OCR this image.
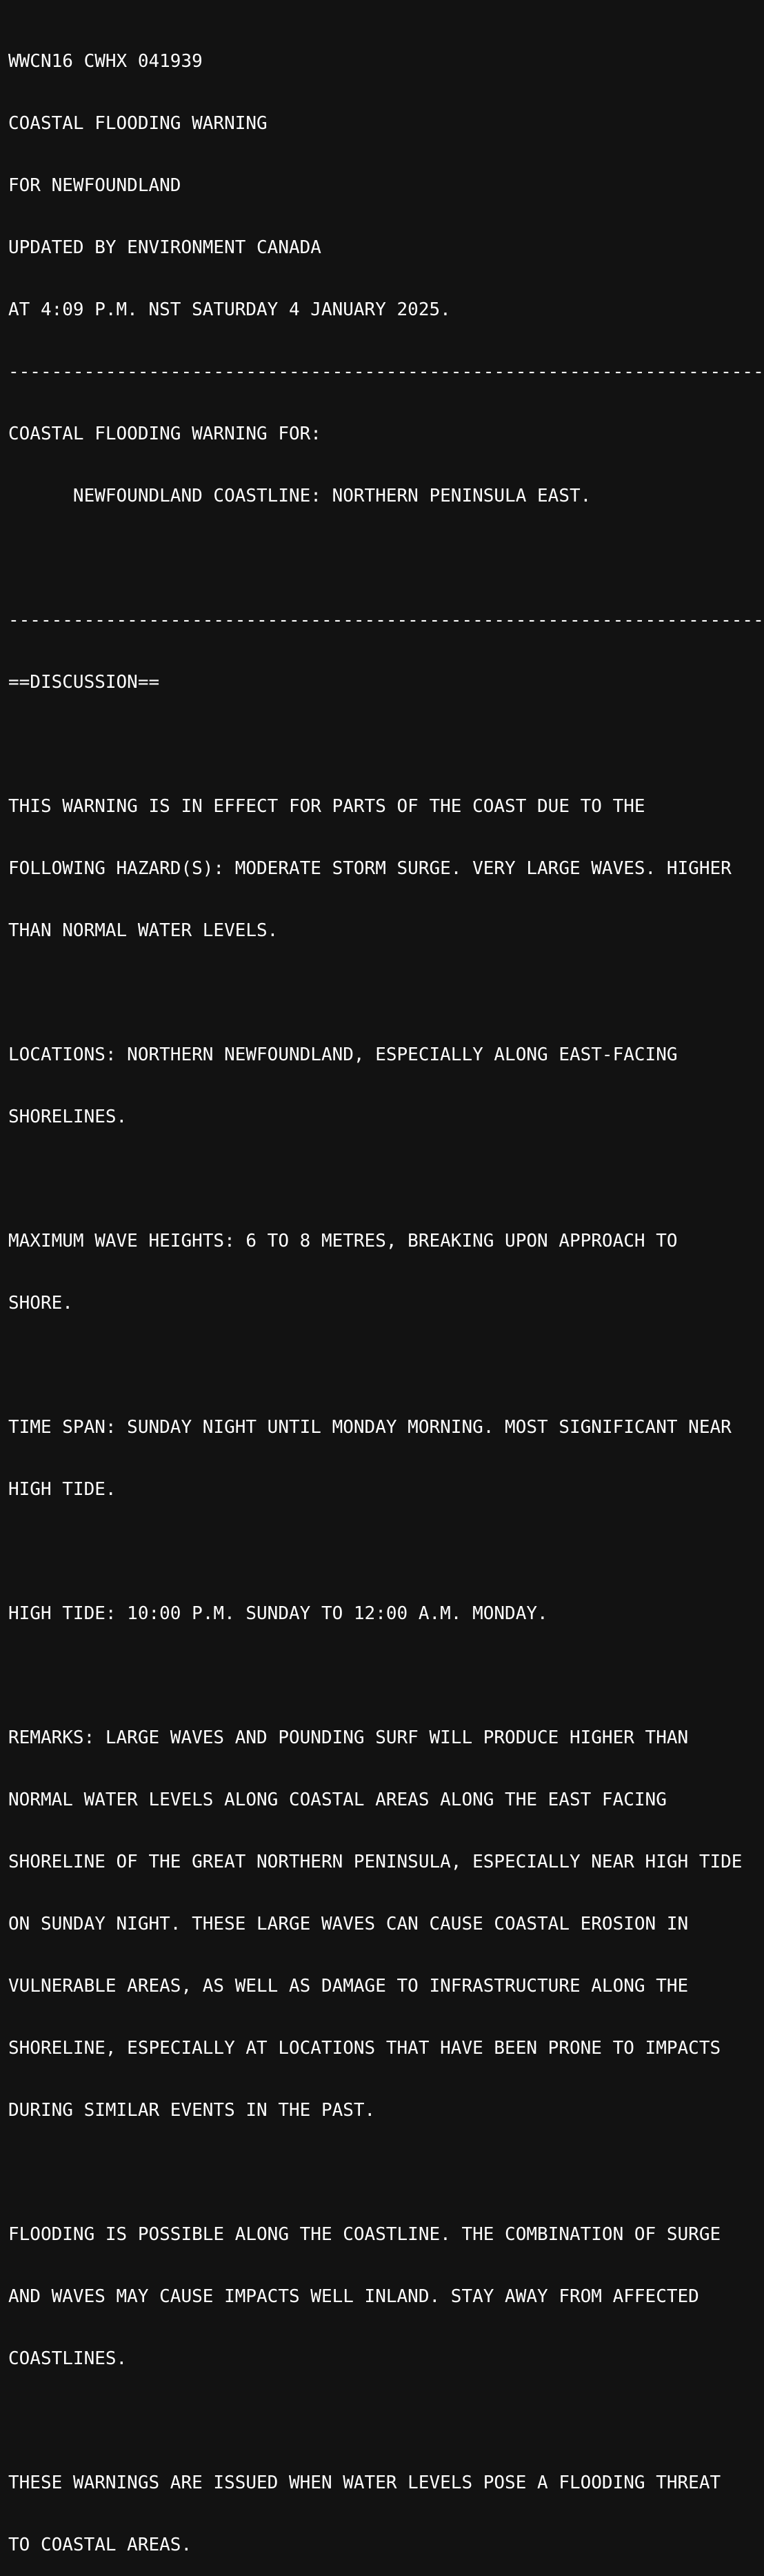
WWCN16 CWHX 041939

COASTAL FLOODING WARNING

FOR NEWFOUNDLAND

UPDATED BY ENVIRONMENT CANADA

AT 4:09 P.M. NST SATURDAY 4 JANUARY 2025.

----------------------------------------------------------------------

COASTAL FLOODING WARNING FOR:

NEWFOUNDLAND COASTLINE: NORTHERN PENINSULA EAST.

----------------------------------------------------------------------

==DISCUSSION==

THIS WARNING IS IN EFFECT FOR PARTS OF THE COAST DUE TO THE

FOLLOWING HAZARD(S): MODERATE STORM SURGE. VERY LARGE WAVES. HIGHER

THAN NORMAL WATER LEVELS.

LOCATIONS: NORTHERN NEWFOUNDLAND, ESPECIALLY ALONG EAST-FACING

SHORELINES.

MAXIMUM WAVE HEIGHTS: 6 TO 8 METRES, BREAKING UPON APPROACH TO

SHORE.

TIME SPAN: SUNDAY NIGHT UNTIL MONDAY MORNING. MOST SIGNIFICANT NEAR

HIGH TIDE.

HIGH TIDE: 10:00 P.M. SUNDAY TO 12:00 A.M. MONDAY.

REMARKS: LARGE WAVES AND POUNDING SURF WILL PRODUCE HIGHER THAN

NORMAL WATER LEVELS ALONG COASTAL AREAS ALONG THE EAST FACING

SHORELINE OF THE GREAT NORTHERN PENINSULA, ESPECIALLY NEAR HIGH TIDE

ON SUNDAY NIGHT. THESE LARGE WAVES CAN CAUSE COASTAL EROSION IN

VULNERABLE AREAS, AS WELL AS DAMAGE TO INFRASTRUCTURE ALONG THE

SHORELINE, ESPECIALLY AT LOCATIONS THAT HAVE BEEN PRONE TO IMPACTS

DURING SIMILAR EVENTS IN THE PAST.

FLOODING IS POSSIBLE ALONG THE COASTLINE. THE COMBINATION OF SURGE

AND WAVES MAY CAUSE IMPACTS WELL INLAND. STAY AWAY FROM AFFECTED

COASTLINES.

THESE WARNINGS ARE ISSUED WHEN WATER LEVELS POSE A FLOODING THREAT

TO COASTAL AREAS.
